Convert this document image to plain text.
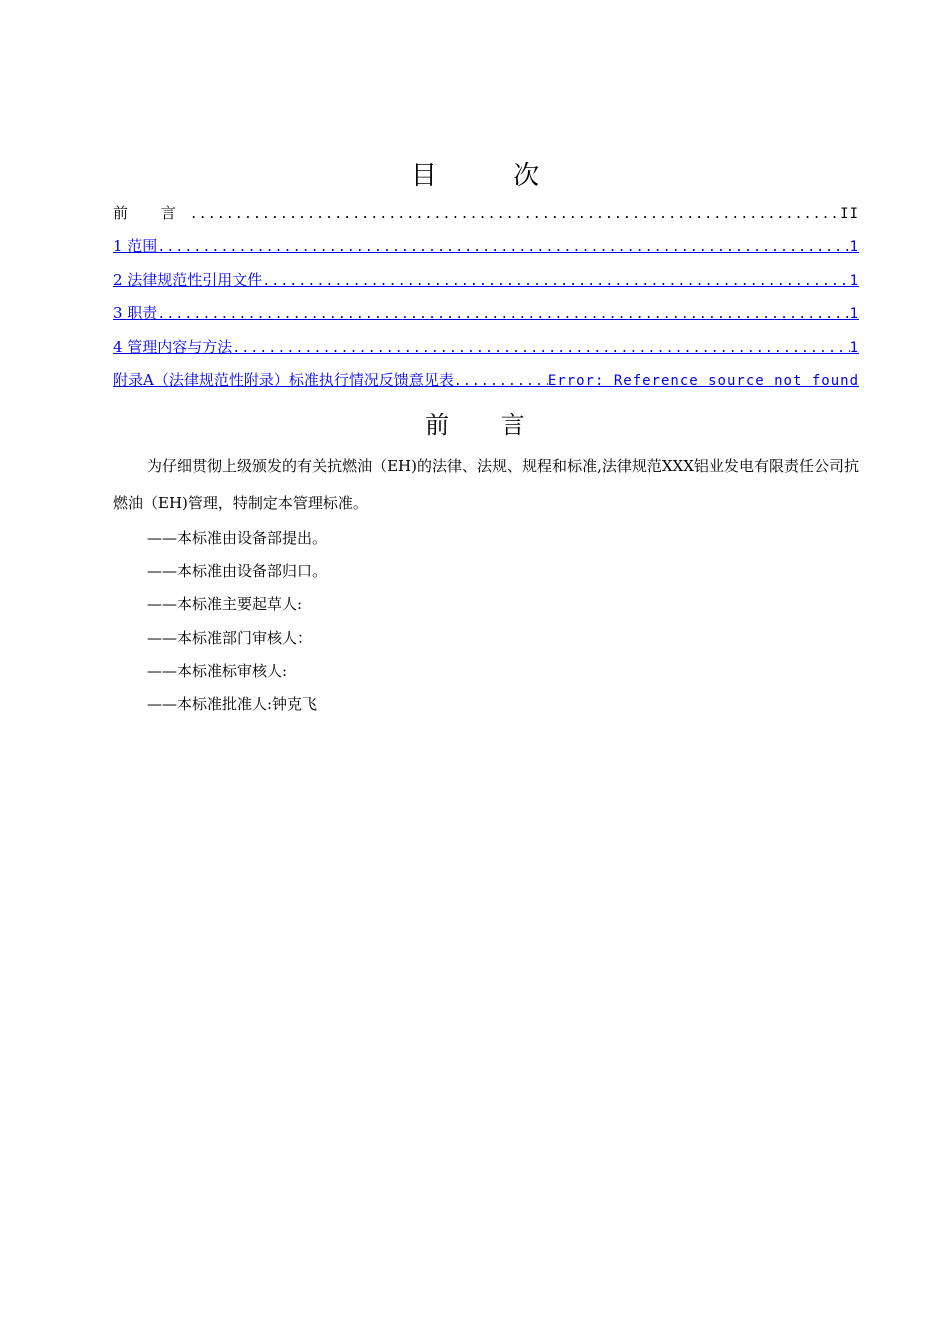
目 次
前 言 .....	II
1 范围 .....	1
2 法律规范性引用文件 .....	1
3 职责 .....	1
4 管理内容与方法 .....	1
附录A（法律规范性附录）标准执行情况反馈意见表 .....	Error: Reference source not found
前 言

为仔细贯彻上级颁发的有关抗燃油（EH)的法律、法规、规程和标准,法律规范XXX铝业发电有限责任公司抗燃油（EH)管理，特制定本管理标准。

——本标准由设备部提出。

——本标准由设备部归口。

——本标准主要起草人:

——本标准部门审核人：

——本标准标审核人:

——本标准批准人:钟克飞
